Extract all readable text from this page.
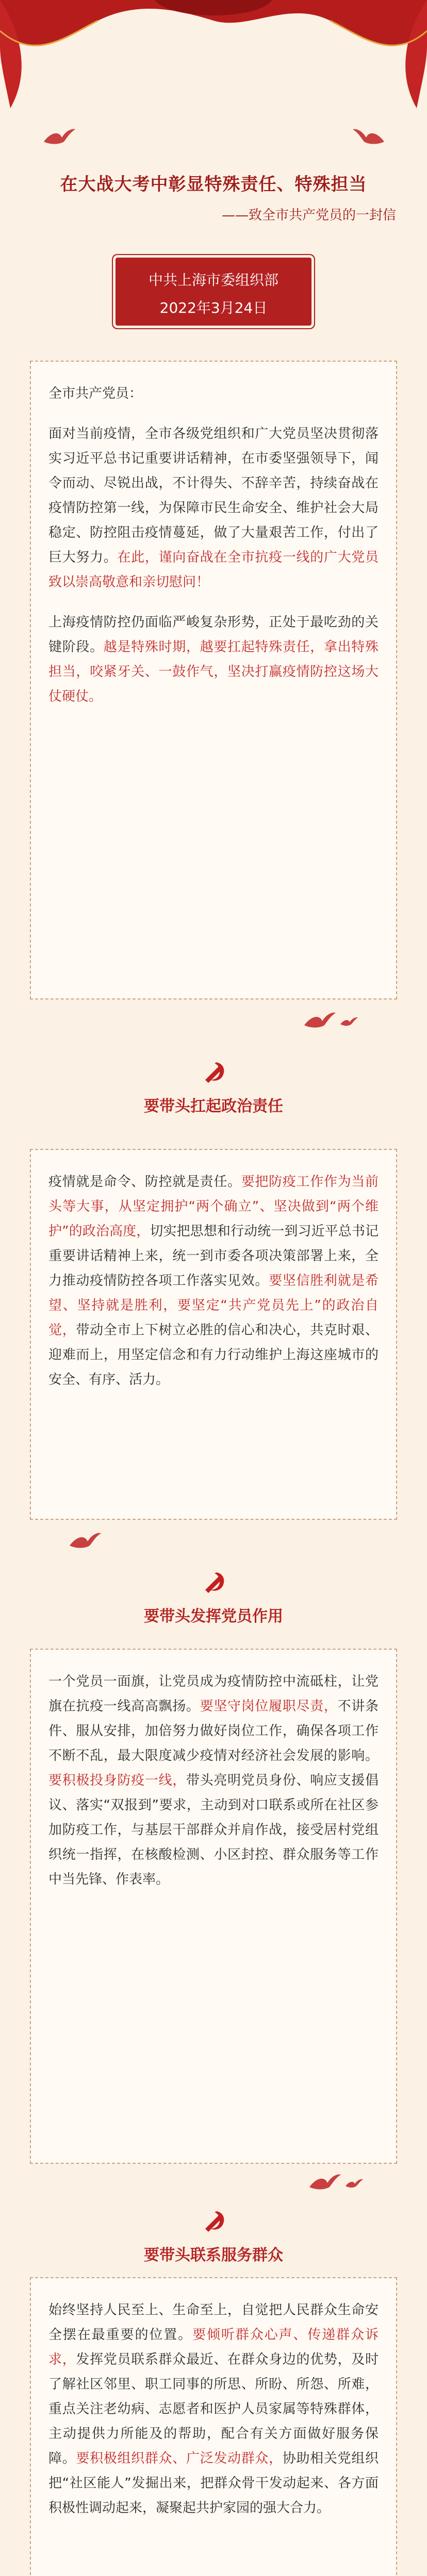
在大战大考中彰显特殊责任、特殊担当
——致全市共产党员的一封信
中共上海市委组织部
2022年3月24日

全市共产党员：

面对当前疫情，全市各级党组织和广大党员坚决贯彻落实习近平总书记重要讲话精神，在市委坚强领导下，闻令而动、尽锐出战，不计得失、不辞辛苦，持续奋战在疫情防控第一线，为保障市民生命安全、维护社会大局稳定、防控阻击疫情蔓延，做了大量艰苦工作，付出了巨大努力。在此，谨向奋战在全市抗疫一线的广大党员致以崇高敬意和亲切慰问！

上海疫情防控仍面临严峻复杂形势，正处于最吃劲的关键阶段。越是特殊时期，越要扛起特殊责任，拿出特殊担当，咬紧牙关、一鼓作气，坚决打赢疫情防控这场大仗硬仗。

要带头扛起政治责任

疫情就是命令、防控就是责任。要把防疫工作作为当前头等大事，从坚定拥护“两个确立”、坚决做到“两个维护”的政治高度，切实把思想和行动统一到习近平总书记重要讲话精神上来，统一到市委各项决策部署上来，全力推动疫情防控各项工作落实见效。要坚信胜利就是希望、坚持就是胜利，要坚定“共产党员先上”的政治自觉，带动全市上下树立必胜的信心和决心，共克时艰、迎难而上，用坚定信念和有力行动维护上海这座城市的安全、有序、活力。

要带头发挥党员作用

一个党员一面旗，让党员成为疫情防控中流砥柱，让党旗在抗疫一线高高飘扬。要坚守岗位履职尽责，不讲条件、服从安排，加倍努力做好岗位工作，确保各项工作不断不乱，最大限度减少疫情对经济社会发展的影响。要积极投身防疫一线，带头亮明党员身份、响应支援倡议、落实“双报到”要求，主动到对口联系或所在社区参加防疫工作，与基层干部群众并肩作战，接受居村党组织统一指挥，在核酸检测、小区封控、群众服务等工作中当先锋、作表率。

要带头联系服务群众

始终坚持人民至上、生命至上，自觉把人民群众生命安全摆在最重要的位置。要倾听群众心声、传递群众诉求，发挥党员联系群众最近、在群众身边的优势，及时了解社区邻里、职工同事的所思、所盼、所怨、所难，重点关注老幼病、志愿者和医护人员家属等特殊群体，主动提供力所能及的帮助，配合有关方面做好服务保障。要积极组织群众、广泛发动群众，协助相关党组织把“社区能人”发掘出来，把群众骨干发动起来、各方面积极性调动起来，凝聚起共护家园的强大合力。
